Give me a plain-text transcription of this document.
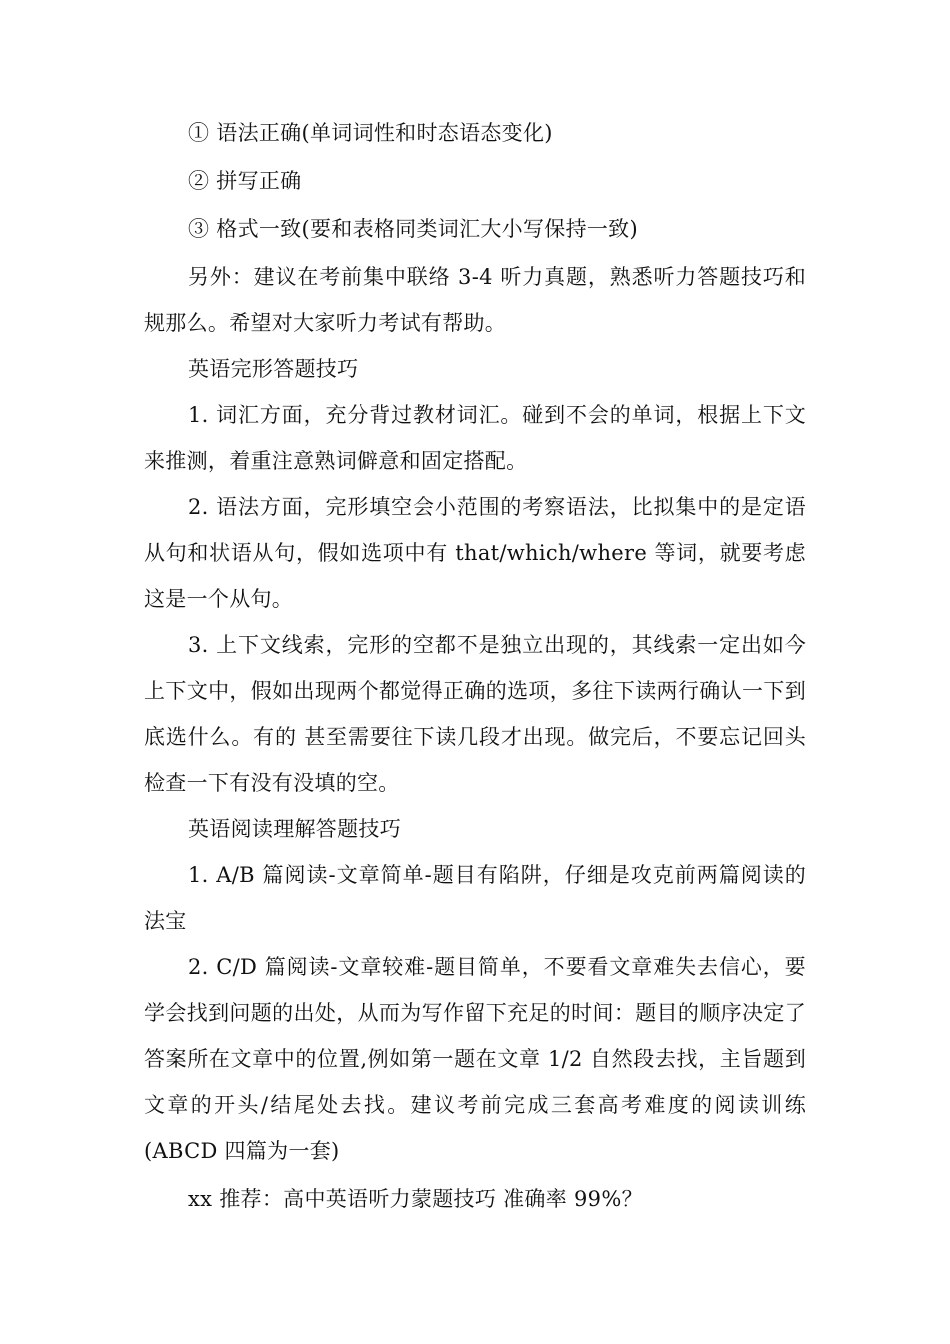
① 语法正确(单词词性和时态语态变化)

② 拼写正确

③ 格式一致(要和表格同类词汇大小写保持一致)

另外：建议在考前集中联络 3-4 听力真题，熟悉听力答题技巧和规那么。希望对大家听力考试有帮助。

英语完形答题技巧

1. 词汇方面，充分背过教材词汇。碰到不会的单词，根据上下文来推测，着重注意熟词僻意和固定搭配。

2. 语法方面，完形填空会小范围的考察语法，比拟集中的是定语从句和状语从句，假如选项中有 that/which/where 等词，就要考虑这是一个从句。

3. 上下文线索，完形的空都不是独立出现的，其线索一定出如今上下文中，假如出现两个都觉得正确的选项，多往下读两行确认一下到底选什么。有的 甚至需要往下读几段才出现。做完后，不要忘记回头检查一下有没有没填的空。

英语阅读理解答题技巧

1. A/B 篇阅读-文章简单-题目有陷阱，仔细是攻克前两篇阅读的法宝

2. C/D 篇阅读-文章较难-题目简单，不要看文章难失去信心，要学会找到问题的出处，从而为写作留下充足的时间：题目的顺序决定了答案所在文章中的位置,例如第一题在文章 1/2 自然段去找，主旨题到文章的开头/结尾处去找。建议考前完成三套高考难度的阅读训练(ABCD 四篇为一套)

xx 推荐：高中英语听力蒙题技巧 准确率 99%？
